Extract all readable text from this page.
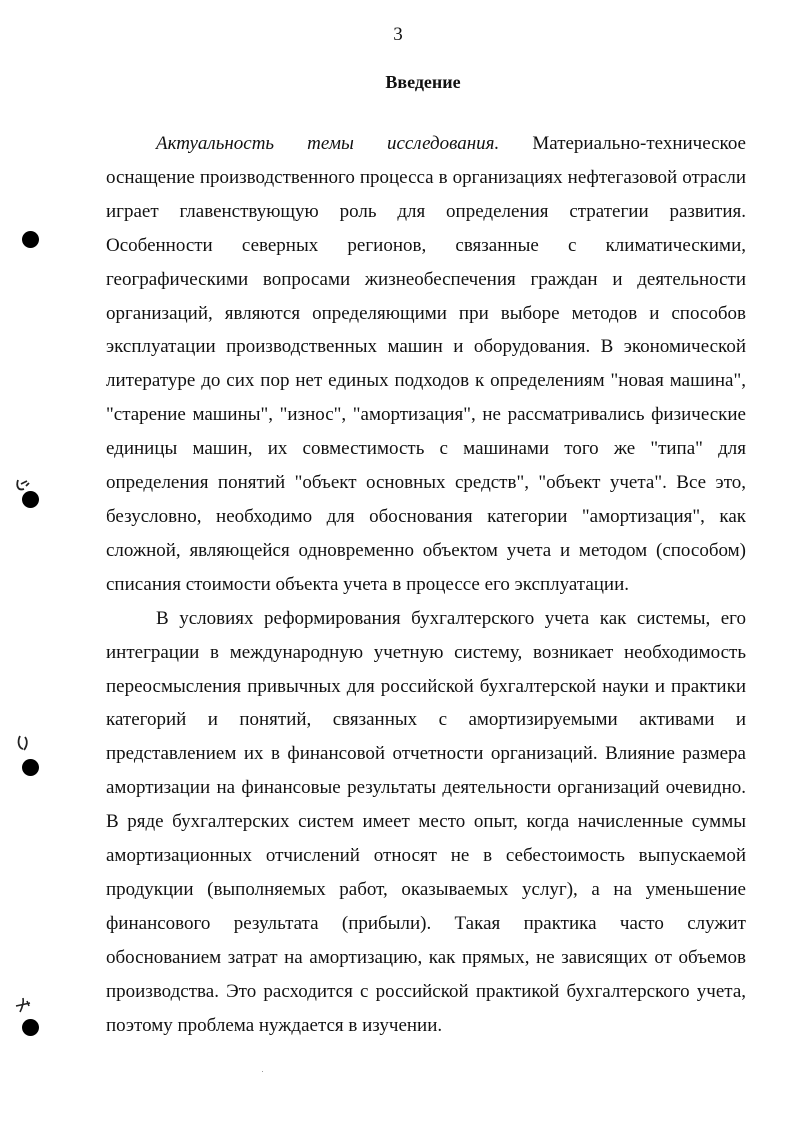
3
Введение

Актуальность темы исследования. Материально-техническое оснащение производственного процесса в организациях нефтегазовой отрасли играет главенствующую роль для определения стратегии развития. Особенности северных регионов, связанные с климатическими, географическими вопросами жизнеобеспечения граждан и деятельности организаций, являются определяющими при выборе методов и способов эксплуатации производственных машин и оборудования. В экономической литературе до сих пор нет единых подходов к определениям "новая машина", "старение машины", "износ", "амортизация", не рассматривались физические единицы машин, их совместимость с машинами того же "типа" для определения понятий "объект основных средств", "объект учета". Все это, безусловно, необходимо для обоснования категории "амортизация", как сложной, являющейся одновременно объектом учета и методом (способом) списания стоимости объекта учета в процессе его эксплуатации.

В условиях реформирования бухгалтерского учета как системы, его интеграции в международную учетную систему, возникает необходимость переосмысления привычных для российской бухгалтерской науки и практики категорий и понятий, связанных с амортизируемыми активами и представлением их в финансовой отчетности организаций. Влияние размера амортизации на финансовые результаты деятельности организаций очевидно. В ряде бухгалтерских систем имеет место опыт, когда начисленные суммы амортизационных отчислений относят не в себестоимость выпускаемой продукции (выполняемых работ, оказываемых услуг), а на уменьшение финансового результата (прибыли). Такая практика часто служит обоснованием затрат на амортизацию, как прямых, не зависящих от объемов производства. Это расходится с российской практикой бухгалтерского учета, поэтому проблема нуждается в изучении.
